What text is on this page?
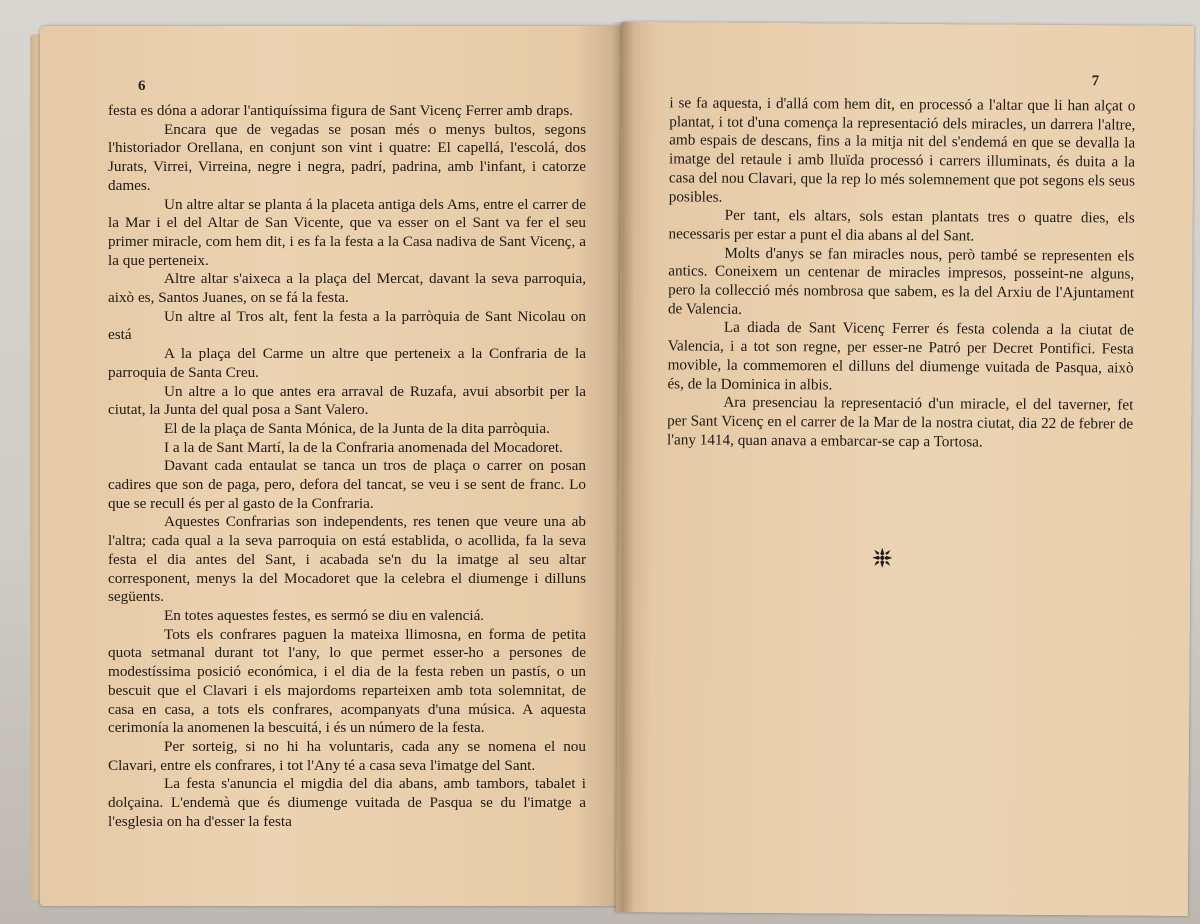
6

festa es dóna a adorar l'antiquíssima figura de Sant Vicenç Ferrer amb draps.

Encara que de vegadas se posan més o menys bultos, segons l'historiador Orellana, en conjunt son vint i quatre: El capellá, l'escolá, dos Jurats, Virrei, Virreina, negre i negra, padrí, padrina, amb l'infant, i catorze dames.

Un altre altar se planta á la placeta antiga dels Ams, entre el carrer de la Mar i el del Altar de San Vicente, que va esser on el Sant va fer el seu primer miracle, com hem dit, i es fa la festa a la Casa nadiva de Sant Vicenç, a la que perteneix.

Altre altar s'aixeca a la plaça del Mercat, davant la seva parroquia, això es, Santos Juanes, on se fá la festa.

Un altre al Tros alt, fent la festa a la parròquia de Sant Nicolau on está

A la plaça del Carme un altre que perteneix a la Confraria de la parroquia de Santa Creu.

Un altre a lo que antes era arraval de Ruzafa, avui absorbit per la ciutat, la Junta del qual posa a Sant Valero.

El de la plaça de Santa Mónica, de la Junta de la dita parròquia.

I a la de Sant Martí, la de la Confraria anomenada del Mocadoret.

Davant cada entaulat se tanca un tros de plaça o carrer on posan cadires que son de paga, pero, defora del tancat, se veu i se sent de franc. Lo que se recull és per al gasto de la Confraria.

Aquestes Confrarias son independents, res tenen que veure una ab l'altra; cada qual a la seva parroquia on está establida, o acollida, fa la seva festa el dia antes del Sant, i acabada se'n du la imatge al seu altar corresponent, menys la del Mocadoret que la celebra el diumenge i dilluns següents.

En totes aquestes festes, es sermó se diu en valenciá.

Tots els confrares paguen la mateixa llimosna, en forma de petita quota setmanal durant tot l'any, lo que permet esser-ho a persones de modestíssima posició económica, i el dia de la festa reben un pastís, o un bescuit que el Clavari i els majordoms reparteixen amb tota solemnitat, de casa en casa, a tots els confrares, acompanyats d'una música. A aquesta cerimonía la anomenen la bescuitá, i és un número de la festa.

Per sorteig, si no hi ha voluntaris, cada any se nomena el nou Clavari, entre els confrares, i tot l'Any té a casa seva l'imatge del Sant.

La festa s'anuncia el migdia del dia abans, amb tambors, tabalet i dolçaina. L'endemà que és diumenge vuitada de Pasqua se du l'imatge a l'esglesia on ha d'esser la festa

7

i se fa aquesta, i d'allá com hem dit, en processó a l'altar que li han alçat o plantat, i tot d'una comença la representació dels miracles, un darrera l'altre, amb espais de descans, fins a la mitja nit del s'endemá en que se devalla la imatge del retaule i amb lluïda processó i carrers illuminats, és duita a la casa del nou Clavari, que la rep lo més solemnement que pot segons els seus posibles.

Per tant, els altars, sols estan plantats tres o quatre dies, els necessaris per estar a punt el dia abans al del Sant.

Molts d'anys se fan miracles nous, però també se representen els antics. Coneixem un centenar de miracles impresos, posseint-ne alguns, pero la collecció més nombrosa que sabem, es la del Arxiu de l'Ajuntament de Valencia.

La diada de Sant Vicenç Ferrer és festa colenda a la ciutat de Valencia, i a tot son regne, per esser-ne Patró per Decret Pontifici. Festa movible, la commemoren el dilluns del diumenge vuitada de Pasqua, això és, de la Dominica in albis.

Ara presenciau la representació d'un miracle, el del taverner, fet per Sant Vicenç en el carrer de la Mar de la nostra ciutat, dia 22 de febrer de l'any 1414, quan anava a embarcar-se cap a Tortosa.
